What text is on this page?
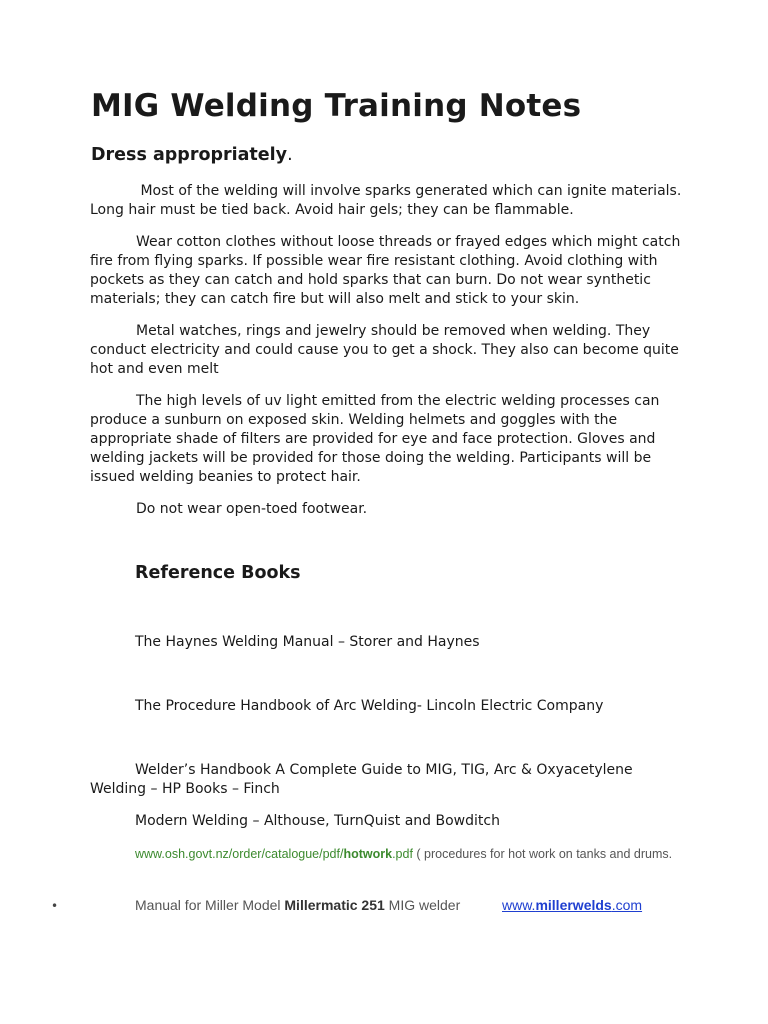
MIG Welding Training Notes
Dress appropriately.
Most of the welding will involve sparks generated which can ignite materials. Long hair must be tied back. Avoid hair gels; they can be flammable.
Wear cotton clothes without loose threads or frayed edges which might catch fire from flying sparks. If possible wear fire resistant clothing. Avoid clothing with pockets as they can catch and hold sparks that can burn. Do not wear synthetic materials; they can catch fire but will also melt and stick to your skin.
Metal watches, rings and jewelry should be removed when welding. They conduct electricity and could cause you to get a shock. They also can become quite hot and even melt
The high levels of uv light emitted from the electric welding processes can produce a sunburn on exposed skin. Welding helmets and goggles with the appropriate shade of filters are provided for eye and face protection. Gloves and welding jackets will be provided for those doing the welding. Participants will be issued welding beanies to protect hair.
Do not wear open-toed footwear.
Reference Books
The Haynes Welding Manual – Storer and Haynes
The Procedure Handbook of Arc Welding- Lincoln Electric Company
Welder’s Handbook A Complete Guide to MIG, TIG, Arc & Oxyacetylene Welding – HP Books – Finch
Modern Welding – Althouse, TurnQuist and Bowditch
www.osh.govt.nz/order/catalogue/pdf/hotwork.pdf ( procedures for hot work on tanks and drums.
•	Manual for Miller Model Millermatic 251 MIG welder	www.millerwelds.com
